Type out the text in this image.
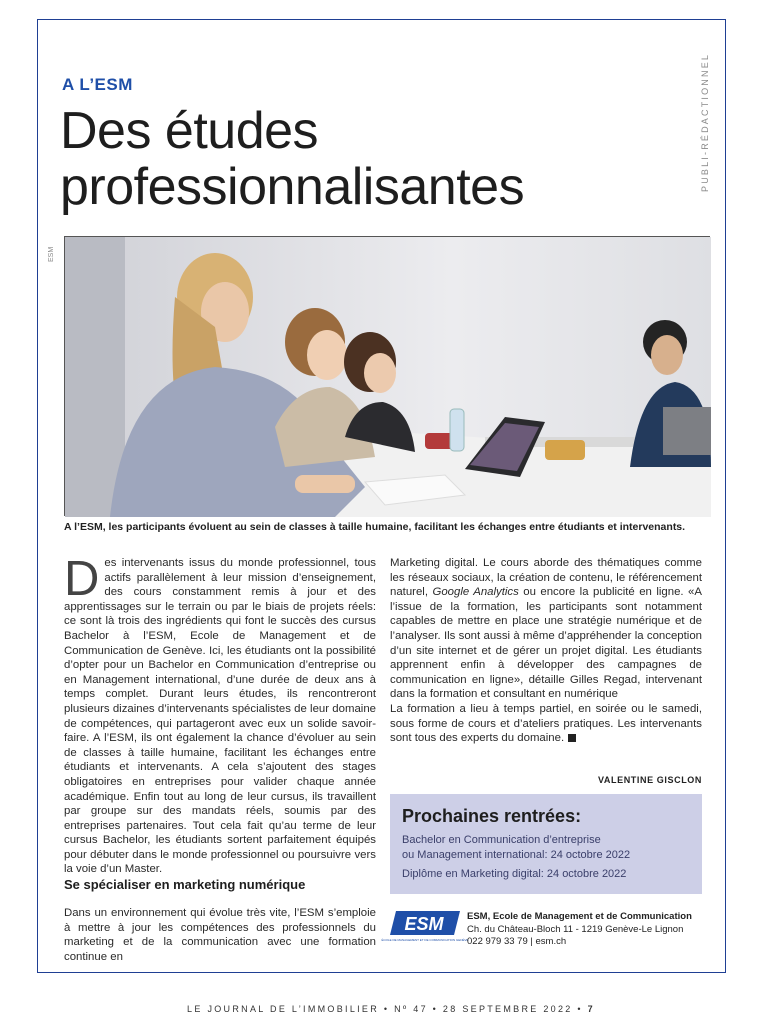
PUBLI-RÉDACTIONNEL
A L’ESM
Des études
professionnalisantes
ESM
A l’ESM, les participants évoluent au sein de classes à taille humaine, facilitant les échanges entre étudiants et intervenants.

Des intervenants issus du monde professionnel, tous actifs parallèlement à leur mission d’enseignement, des cours constamment remis à jour et des apprentissages sur le terrain ou par le biais de projets réels: ce sont là trois des ingrédients qui font le succès des cursus Bachelor à l’ESM, Ecole de Management et de Communication de Genève. Ici, les étudiants ont la possibilité d’opter pour un Bachelor en Communication d’entreprise ou en Management international, d’une durée de deux ans à temps complet. Durant leurs études, ils rencontreront plusieurs dizaines d’intervenants spécialistes de leur domaine de compétences, qui partageront avec eux un solide savoir-faire. A l’ESM, ils ont également la chance d’évoluer au sein de classes à taille humaine, facilitant les échanges entre étudiants et intervenants. A cela s’ajoutent des stages obligatoires en entreprises pour valider chaque année académique. Enfin tout au long de leur cursus, ils travaillent par groupe sur des mandats réels, soumis par des entreprises partenaires. Tout cela fait qu’au terme de leur cursus Bachelor, les étudiants sortent parfaitement équipés pour débuter dans le monde professionnel ou poursuivre vers la voie d’un Master.

Se spécialiser en marketing numérique

Dans un environnement qui évolue très vite, l’ESM s’emploie à mettre à jour les compétences des professionnels du marketing et de la communication avec une formation continue en

Marketing digital. Le cours aborde des thématiques comme les réseaux sociaux, la création de contenu, le référencement naturel, Google Analytics ou encore la publicité en ligne. «A l’issue de la formation, les participants sont notamment capables de mettre en place une stratégie numérique et de l’analyser. Ils sont aussi à même d’appréhender la conception d’un site internet et de gérer un projet digital. Les étudiants apprennent enfin à développer des campagnes de communication en ligne», détaille Gilles Regad, intervenant dans la formation et consultant en numérique

La formation a lieu à temps partiel, en soirée ou le samedi, sous forme de cours et d’ateliers pratiques. Les intervenants sont tous des experts du domaine.

VALENTINE GISCLON
Prochaines rentrées:
Bachelor en Communication d’entreprise
ou Management international: 24 octobre 2022
Diplôme en Marketing digital: 24 octobre 2022
ESM
ÉCOLE DE MANAGEMENT ET DE COMMUNICATION GENÈVE
ESM, Ecole de Management et de Communication
Ch. du Château-Bloch 11 - 1219 Genève-Le Lignon
022 979 33 79 | esm.ch
LE JOURNAL DE L’IMMOBILIER • Nº 47 • 28 SEPTEMBRE 2022 • 7
